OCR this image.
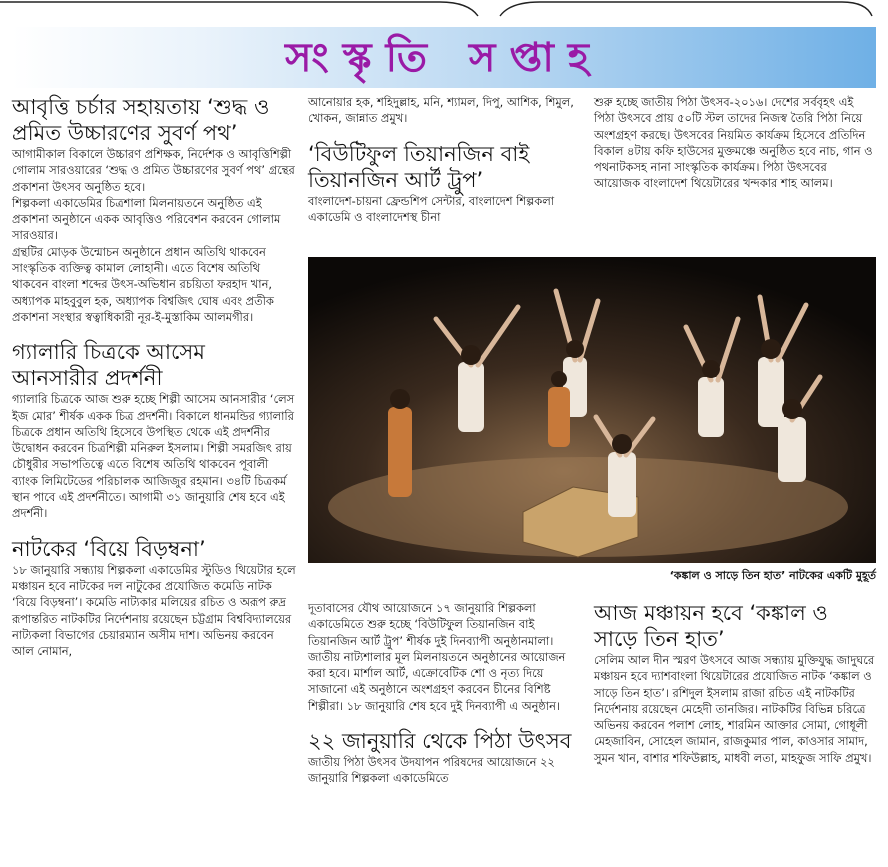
সংস্কৃতি সপ্তাহ
আবৃত্তি চর্চার সহায়তায় ‘শুদ্ধ ও প্রমিত উচ্চারণের সুবর্ণ পথ’

আগামীকাল বিকালে উচ্চারণ প্রশিক্ষক, নির্দেশক ও আবৃত্তিশিল্পী গোলাম সারওয়ারের ‘শুদ্ধ ও প্রমিত উচ্চারণের সুবর্ণ পথ’ গ্রন্থের প্রকাশনা উৎসব অনুষ্ঠিত হবে।

শিল্পকলা একাডেমির চিত্রশালা মিলনায়তনে অনুষ্ঠিত এই প্রকাশনা অনুষ্ঠানে একক আবৃত্তিও পরিবেশন করবেন গোলাম সারওয়ার।

গ্রন্থটির মোড়ক উন্মোচন অনুষ্ঠানে প্রধান অতিথি থাকবেন সাংস্কৃতিক ব্যক্তিত্ব কামাল লোহানী। এতে বিশেষ অতিথি থাকবেন বাংলা শব্দের উৎস-অভিধান রচয়িতা ফরহাদ খান, অধ্যাপক মাহবুবুল হক, অধ্যাপক বিশ্বজিৎ ঘোষ এবং প্রতীক প্রকাশনা সংস্থার স্বত্বাধিকারী নূর-ই-মুস্তাকিম আলমগীর।

গ্যালারি চিত্রকে আসেম আনসারীর প্রদর্শনী

গ্যালারি চিত্রকে আজ শুরু হচ্ছে শিল্পী আসেম আনসারীর ‘লেস ইজ মোর’ শীর্ষক একক চিত্র প্রদর্শনী। বিকালে ধানমন্ডির গ্যালারি চিত্রকে প্রধান অতিথি হিসেবে উপস্থিত থেকে এই প্রদর্শনীর উদ্বোধন করবেন চিত্রশিল্পী মনিরুল ইসলাম। শিল্পী সমরজিৎ রায় চৌধুরীর সভাপতিত্বে এতে বিশেষ অতিথি থাকবেন পূবালী ব্যাংক লিমিটেডের পরিচালক আজিজুর রহমান। ৩৪টি চিত্রকর্ম স্থান পাবে এই প্রদর্শনীতে। আগামী ৩১ জানুয়ারি শেষ হবে এই প্রদর্শনী।

নাটকের ‘বিয়ে বিড়ম্বনা’

১৮ জানুয়ারি সন্ধ্যায় শিল্পকলা একাডেমির স্টুডিও থিয়েটার হলে মঞ্চায়ন হবে নাটকের দল নাটুকের প্রযোজিত কমেডি নাটক ‘বিয়ে বিড়ম্বনা’। কমেডি নাট্যকার মলিয়ের রচিত ও অরূপ রুদ্র রূপান্তরিত নাটকটির নির্দেশনায় রয়েছেন চট্টগ্রাম বিশ্ববিদ্যালয়ের নাট্যকলা বিভাগের চেয়ারম্যান অসীম দাশ। অভিনয় করবেন আল নোমান,

আনোয়ার হক, শহিদুল্লাহ, মনি, শ্যামল, দিপু, আশিক, শিমুল, খোকন, জান্নাত প্রমুখ।

‘বিউটিফুল তিয়ানজিন বাই তিয়ানজিন আর্ট ট্রুপ’

বাংলাদেশ-চায়না ফ্রেন্ডশিপ সেন্টার, বাংলাদেশ শিল্পকলা একাডেমি ও বাংলাদেশস্থ চীনা

শুরু হচ্ছে জাতীয় পিঠা উৎসব-২০১৬। দেশের সর্ববৃহৎ এই পিঠা উৎসবে প্রায় ৫০টি স্টল তাদের নিজস্ব তৈরি পিঠা নিয়ে অংশগ্রহণ করছে। উৎসবের নিয়মিত কার্যক্রম হিসেবে প্রতিদিন বিকাল ৪টায় কফি হাউসের মুক্তমঞ্চে অনুষ্ঠিত হবে নাচ, গান ও পথনাটকসহ নানা সাংস্কৃতিক কার্যক্রম। পিঠা উৎসবের আয়োজক বাংলাদেশ থিয়েটারের খন্দকার শাহ আলম।

‘কঙ্কাল ও সাড়ে তিন হাত’ নাটকের একটি মুহূর্ত

দূতাবাসের যৌথ আয়োজনে ১৭ জানুয়ারি শিল্পকলা একাডেমিতে শুরু হচ্ছে ‘বিউটিফুল তিয়ানজিন বাই তিয়ানজিন আর্ট ট্রুপ’ শীর্ষক দুই দিনব্যাপী অনুষ্ঠানমালা। জাতীয় নাট্যশালার মূল মিলনায়তনে অনুষ্ঠানের আয়োজন করা হবে। মার্শাল আর্ট, এক্রোবেটিক শো ও নৃত্য দিয়ে সাজানো এই অনুষ্ঠানে অংশগ্রহণ করবেন চীনের বিশিষ্ট শিল্পীরা। ১৮ জানুয়ারি শেষ হবে দুই দিনব্যাপী এ অনুষ্ঠান।

২২ জানুয়ারি থেকে পিঠা উৎসব

জাতীয় পিঠা উৎসব উদযাপন পরিষদের আয়োজনে ২২ জানুয়ারি শিল্পকলা একাডেমিতে

আজ মঞ্চায়ন হবে ‘কঙ্কাল ও সাড়ে তিন হাত’

সেলিম আল দীন স্মরণ উৎসবে আজ সন্ধ্যায় মুক্তিযুদ্ধ জাদুঘরে মঞ্চায়ন হবে দ্যাশবাংলা থিয়েটারের প্রযোজিত নাটক ‘কঙ্কাল ও সাড়ে তিন হাত’। রশিদুল ইসলাম রাজা রচিত এই নাটকটির নির্দেশনায় রয়েছেন মেহেদী তানজির। নাটকটির বিভিন্ন চরিত্রে অভিনয় করবেন পলাশ লোহ, শারমিন আক্তার সোমা, গোধূলী মেহজাবিন, সোহেল জামান, রাজকুমার পাল, কাওসার সামাদ, সুমন খান, বাশার শফিউল্লাহ, মাধবী লতা, মাহফুজ সাফি প্রমুখ।
